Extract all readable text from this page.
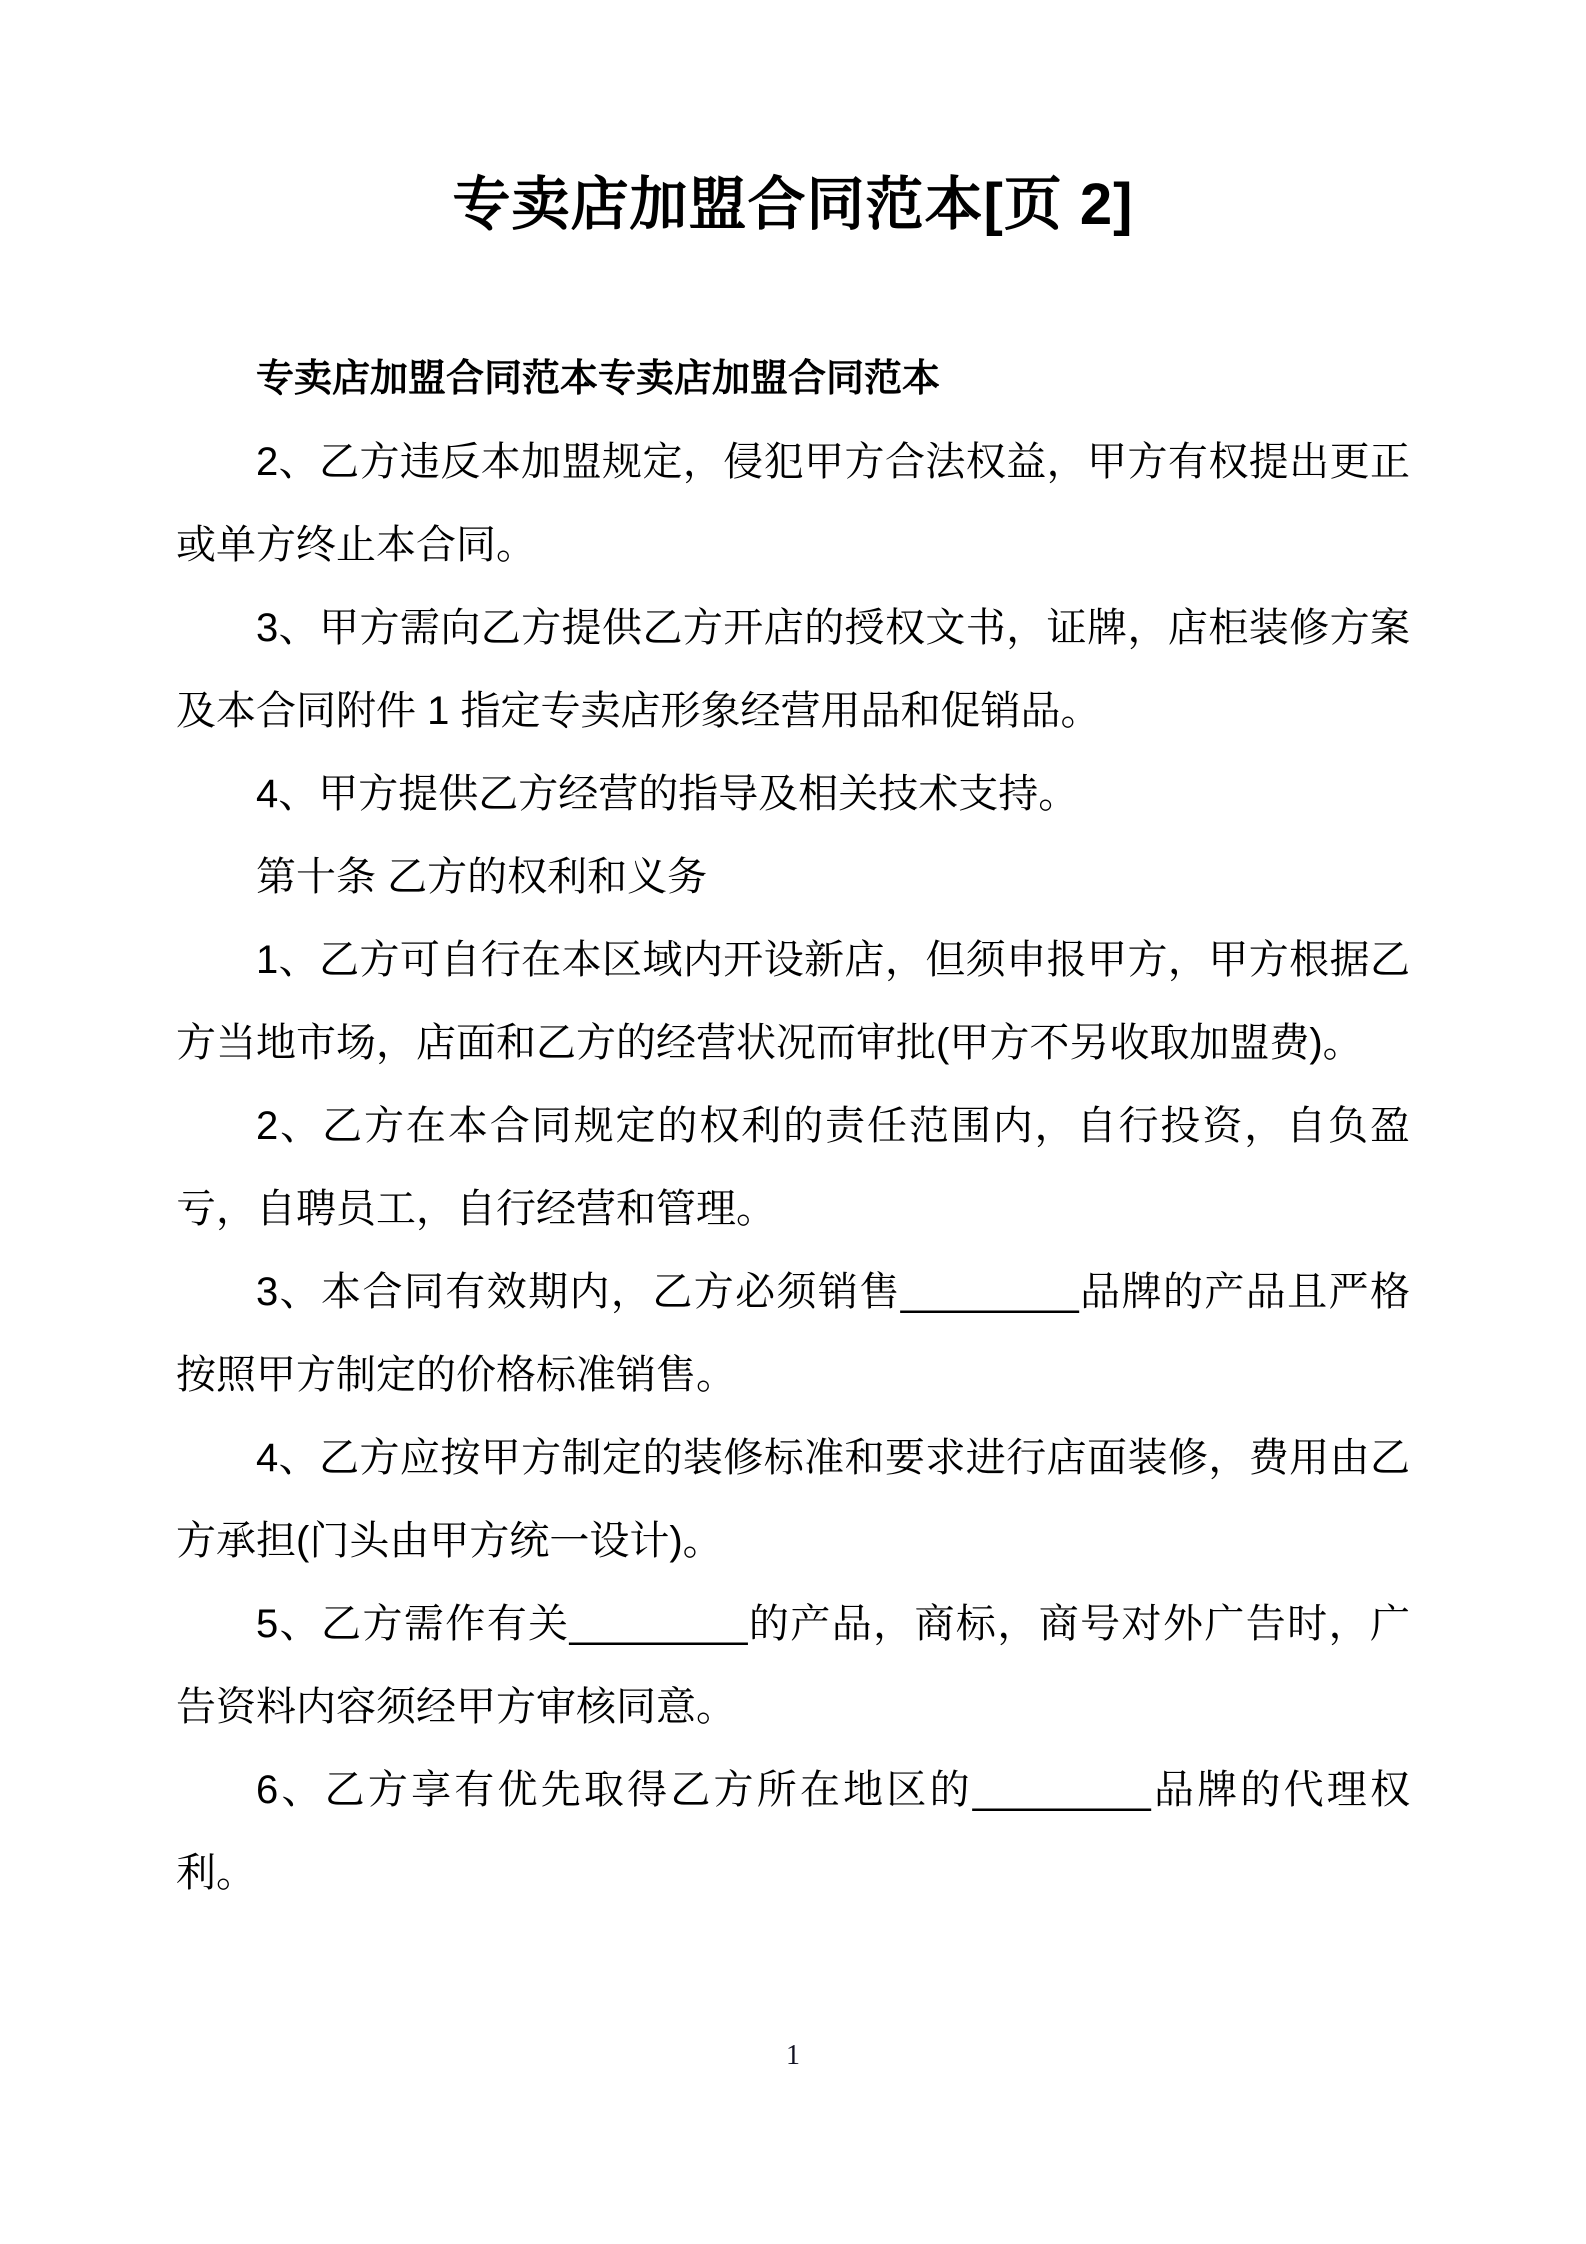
专卖店加盟合同范本[页 2]

专卖店加盟合同范本专卖店加盟合同范本

2、乙方违反本加盟规定，侵犯甲方合法权益，甲方有权提出更正或单方终止本合同。

3、甲方需向乙方提供乙方开店的授权文书，证牌，店柜装修方案及本合同附件 1 指定专卖店形象经营用品和促销品。

4、甲方提供乙方经营的指导及相关技术支持。

第十条 乙方的权利和义务

1、乙方可自行在本区域内开设新店，但须申报甲方，甲方根据乙方当地市场，店面和乙方的经营状况而审批(甲方不另收取加盟费)。

2、乙方在本合同规定的权利的责任范围内，自行投资，自负盈亏，自聘员工，自行经营和管理。

3、本合同有效期内，乙方必须销售________品牌的产品且严格按照甲方制定的价格标准销售。

4、乙方应按甲方制定的装修标准和要求进行店面装修，费用由乙方承担(门头由甲方统一设计)。

5、乙方需作有关________的产品，商标，商号对外广告时，广告资料内容须经甲方审核同意。

6、乙方享有优先取得乙方所在地区的________品牌的代理权利。

1
